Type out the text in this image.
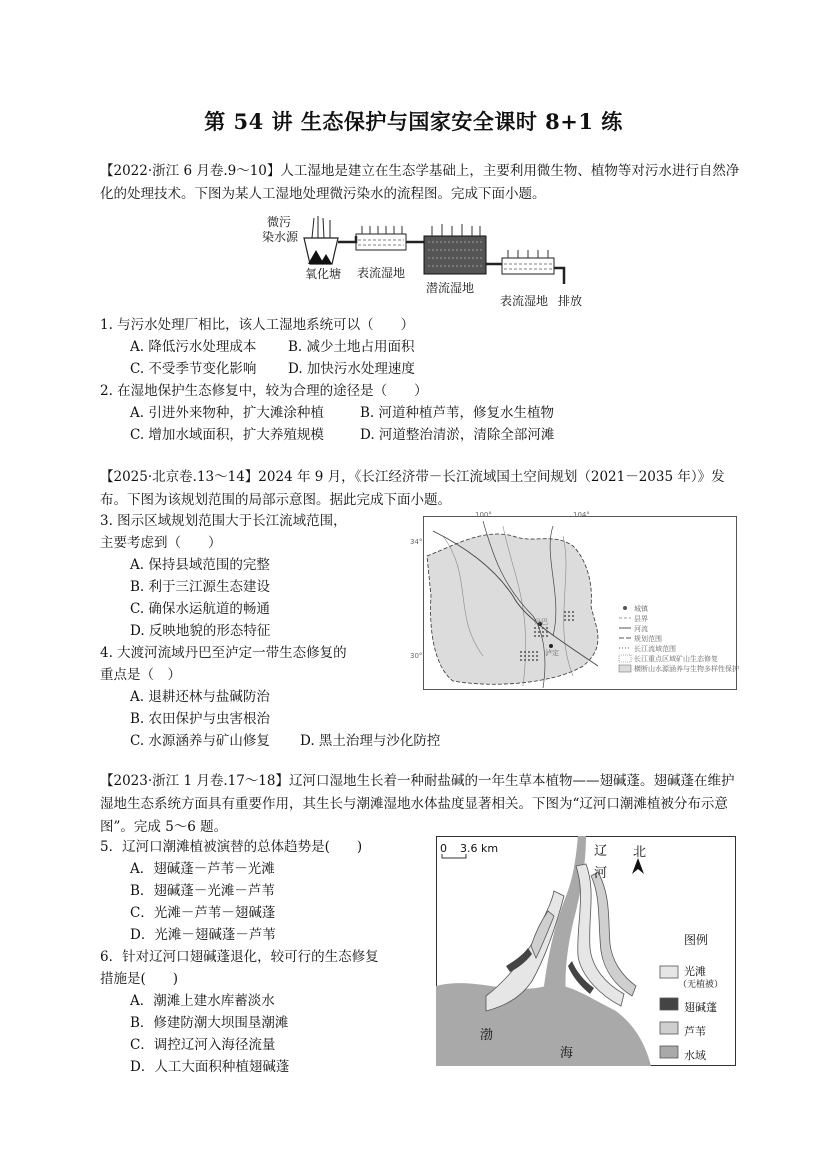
第 54 讲 生态保护与国家安全课时 8+1 练
【2022·浙江 6 月卷.9～10】人工湿地是建立在生态学基础上，主要利用微生物、植物等对污水进行自然净化的处理技术。下图为某人工湿地处理微污染水的流程图。完成下面小题。
微污
染水源
氧化塘 表流湿地
潜流湿地
表流湿地 排放
1. 与污水处理厂相比，该人工湿地系统可以（　　）
A. 降低污水处理成本 B. 减少土地占用面积
C. 不受季节变化影响 D. 加快污水处理速度
2. 在湿地保护生态修复中，较为合理的途径是（　　）
A. 引进外来物种，扩大滩涂种植	B. 河道种植芦苇，修复水生植物
C. 增加水域面积，扩大养殖规模	D. 河道整治清淤，清除全部河滩
【2025·北京卷.13～14】2024 年 9 月，《长江经济带－长江流域国土空间规划（2021－2035 年）》发布。下图为该规划范围的局部示意图。据此完成下面小题。
3. 图示区域规划范围大于长江流域范围，
主要考虑到（　　）
A. 保持县域范围的完整
B. 利于三江源生态建设
C. 确保水运航道的畅通
D. 反映地貌的形态特征
4. 大渡河流域丹巴至泸定一带生态修复的
重点是（　）
A. 退耕还林与盐碱防治
B. 农田保护与虫害根治
C. 水源涵养与矿山修复 D. 黑土治理与沙化防控
100°	104°
34°
30°
丹巴
泸定
城镇
县界
河流
规划范围
长江流域范围
长江重点区域矿山生态修复
横断山水源涵养与生物多样性保护
【2023·浙江 1 月卷.17～18】辽河口湿地生长着一种耐盐碱的一年生草本植物——翅碱蓬。翅碱蓬在维护湿地生态系统方面具有重要作用，其生长与潮滩湿地水体盐度显著相关。下图为“辽河口潮滩植被分布示意图”。完成 5～6 题。
5．辽河口潮滩植被演替的总体趋势是(　　)
A．翅碱蓬－芦苇－光滩
B．翅碱蓬－光滩－芦苇
C．光滩－芦苇－翅碱蓬
D．光滩－翅碱蓬－芦苇
6．针对辽河口翅碱蓬退化，较可行的生态修复
措施是(　　)
A．潮滩上建水库蓄淡水
B．修建防潮大坝围垦潮滩
C．调控辽河入海径流量
D．人工大面积种植翅碱蓬
0 3.6 km	北
辽
河
渤
海
图例
光滩
（无植被）
翅碱蓬
芦苇
水域
